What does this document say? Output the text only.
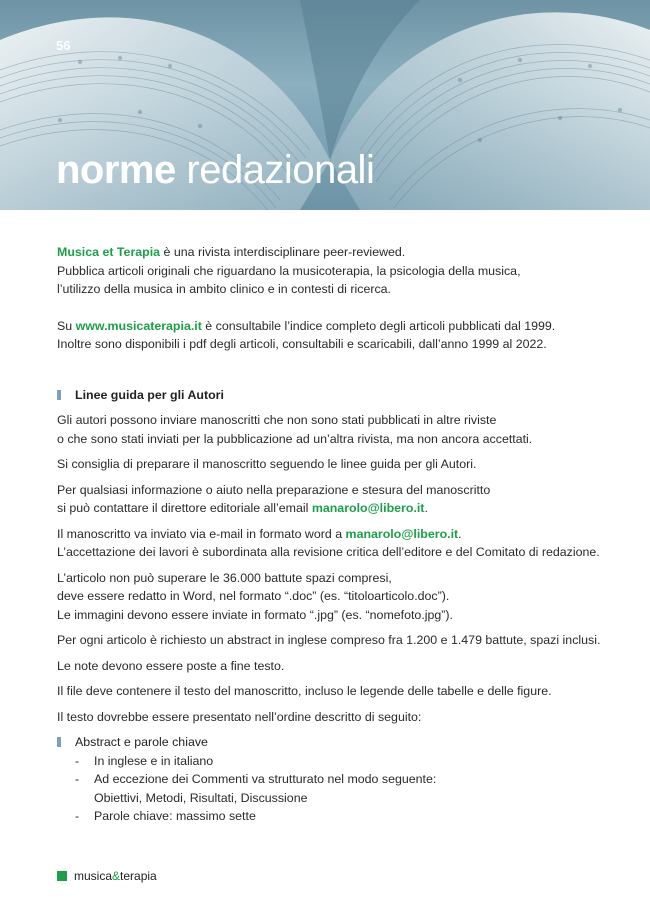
56
norme redazionali

Musica et Terapia è una rivista interdisciplinare peer-reviewed.

Pubblica articoli originali che riguardano la musicoterapia, la psicologia della musica,

l’utilizzo della musica in ambito clinico e in contesti di ricerca.

Su www.musicaterapia.it è consultabile l’indice completo degli articoli pubblicati dal 1999.

Inoltre sono disponibili i pdf degli articoli, consultabili e scaricabili, dall’anno 1999 al 2022.

Linee guida per gli Autori

Gli autori possono inviare manoscritti che non sono stati pubblicati in altre riviste

o che sono stati inviati per la pubblicazione ad un’altra rivista, ma non ancora accettati.

Si consiglia di preparare il manoscritto seguendo le linee guida per gli Autori.

Per qualsiasi informazione o aiuto nella preparazione e stesura del manoscritto

si può contattare il direttore editoriale all’email manarolo@libero.it.

Il manoscritto va inviato via e-mail in formato word a manarolo@libero.it.

L’accettazione dei lavori è subordinata alla revisione critica dell’editore e del Comitato di redazione.

L’articolo non può superare le 36.000 battute spazi compresi,

deve essere redatto in Word, nel formato “.doc” (es. “titoloarticolo.doc”).

Le immagini devono essere inviate in formato “.jpg” (es. “nomefoto.jpg”).

Per ogni articolo è richiesto un abstract in inglese compreso fra 1.200 e 1.479 battute, spazi inclusi.

Le note devono essere poste a fine testo.

Il file deve contenere il testo del manoscritto, incluso le legende delle tabelle e delle figure.

Il testo dovrebbe essere presentato nell’ordine descritto di seguito:

Abstract e parole chiave

- In inglese e in italiano
- Ad eccezione dei Commenti va strutturato nel modo seguente:
Obiettivi, Metodi, Risultati, Discussione
- Parole chiave: massimo sette
musica&terapia
